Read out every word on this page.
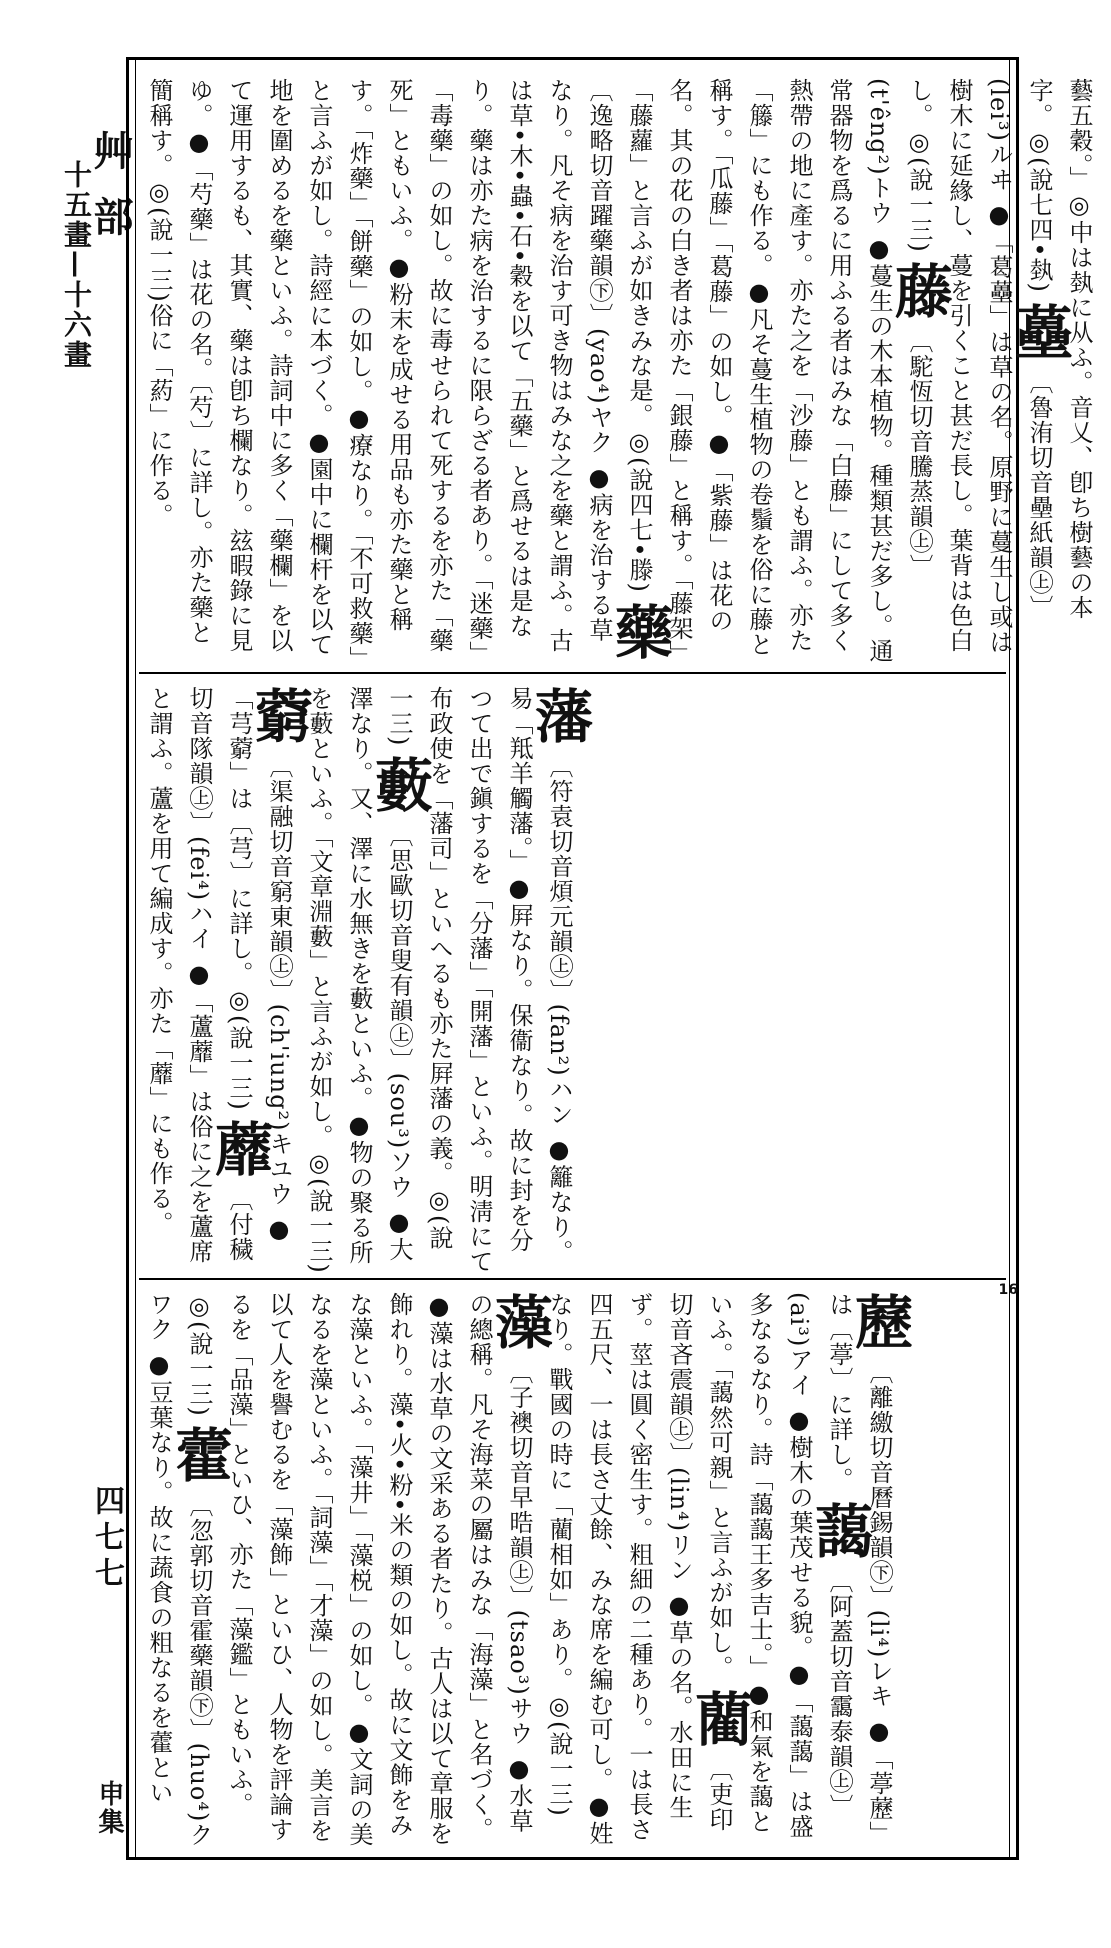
艸 部
十五畫—十六畫
四七七
申集
16
藝五穀。」◎中は埶に从ふ。音乂、卽ち樹藝の本字。◎(說七四•埶) 蘲 〔魯洧切音壘紙韻㊤〕(lei³)ルヰ ●「葛蘲」は草の名。原野に蔓生し或は樹木に延緣し、蔓を引くこと甚だ長し。葉背は色白し。◎(說一三) 藤 〔駝恆切音騰蒸韻㊤〕(t'êng²)トウ ●蔓生の木本植物。種類甚だ多し。通常器物を爲るに用ふる者はみな「白藤」にして多く熱帶の地に產す。亦た之を「沙藤」とも謂ふ。亦た「籐」にも作る。●凡そ蔓生植物の卷鬚を俗に藤と稱す。「瓜藤」「葛藤」の如し。●「紫藤」は花の名。其の花の白き者は亦た「銀藤」と稱す。「藤架」「藤蘿」と言ふが如きみな是。◎(說四七•滕) 藥 〔逸略切音躍藥韻㊦〕(yao⁴)ヤク ●病を治する草なり。凡そ病を治す可き物はみな之を藥と謂ふ。古は草•木•蟲•石•穀を以て「五藥」と爲せるは是なり。藥は亦た病を治するに限らざる者あり。「迷藥」「毒藥」の如し。故に毒せられて死するを亦た「藥死」ともいふ。●粉末を成せる用品も亦た藥と稱す。「炸藥」「餅藥」の如し。●療なり。「不可救藥」と言ふが如し。詩經に本づく。●園中に欄杆を以て地を圍めるを藥といふ。詩詞中に多く「藥欄」を以て運用するも、其實、藥は卽ち欄なり。玆暇錄に見ゆ。●「芍藥」は花の名。〔芍〕に詳し。亦た藥と簡稱す。◎(說一三)俗に「葯」に作る。
藩 〔符袁切音煩元韻㊤〕(fan²)ハン ●籬なり。易「羝羊觸藩。」●屛なり。保衞なり。故に封を分つて出で鎭するを「分藩」「開藩」といふ。明淸にて布政使を「藩司」といへるも亦た屛藩の義。◎(說一三) 藪 〔思歐切音叟有韻㊤〕(sou³)ソウ ●大澤なり。又、澤に水無きを藪といふ。●物の聚る所を藪といふ。「文章淵藪」と言ふが如し。◎(說一三) 藭 〔渠融切音窮東韻㊤〕(ch'iung²)キユウ ●「芎藭」は〔芎〕に詳し。◎(說一三) 蘼 〔付穢切音隊韻㊤〕(fei⁴)ハイ ●「蘆蘼」は俗に之を蘆席と謂ふ。蘆を用て編成す。亦た「蘼」にも作る。
藶 〔離繳切音曆錫韻㊦〕(li⁴)レキ ●「葶藶」は〔葶〕に詳し。 藹 〔阿蓋切音靄泰韻㊤〕(ai³)アイ ●樹木の葉茂せる貌。●「藹藹」は盛多なるなり。詩「藹藹王多吉士。」●和氣を藹といふ。「藹然可親」と言ふが如し。 藺 〔吏印切音吝震韻㊤〕(lin⁴)リン ●草の名。水田に生ず。莖は圓く密生す。粗細の二種あり。一は長さ四五尺、一は長さ丈餘、みな席を編む可し。●姓なり。戰國の時に「藺相如」あり。◎(說一三) 藻 〔子襖切音早晧韻㊤〕(tsao³)サウ ●水草の總稱。凡そ海菜の屬はみな「海藻」と名づく。●藻は水草の文采ある者たり。古人は以て章服を飾れり。藻•火•粉•米の類の如し。故に文飾をみな藻といふ。「藻井」「藻棁」の如し。●文詞の美なるを藻といふ。「詞藻」「才藻」の如し。美言を以て人を譽むるを「藻飾」といひ、人物を評論するを「品藻」といひ、亦た「藻鑑」ともいふ。◎(說一三) 藿 〔忽郭切音霍藥韻㊦〕(huo⁴)クワク ●豆葉なり。故に蔬食の粗なるを藿とい
